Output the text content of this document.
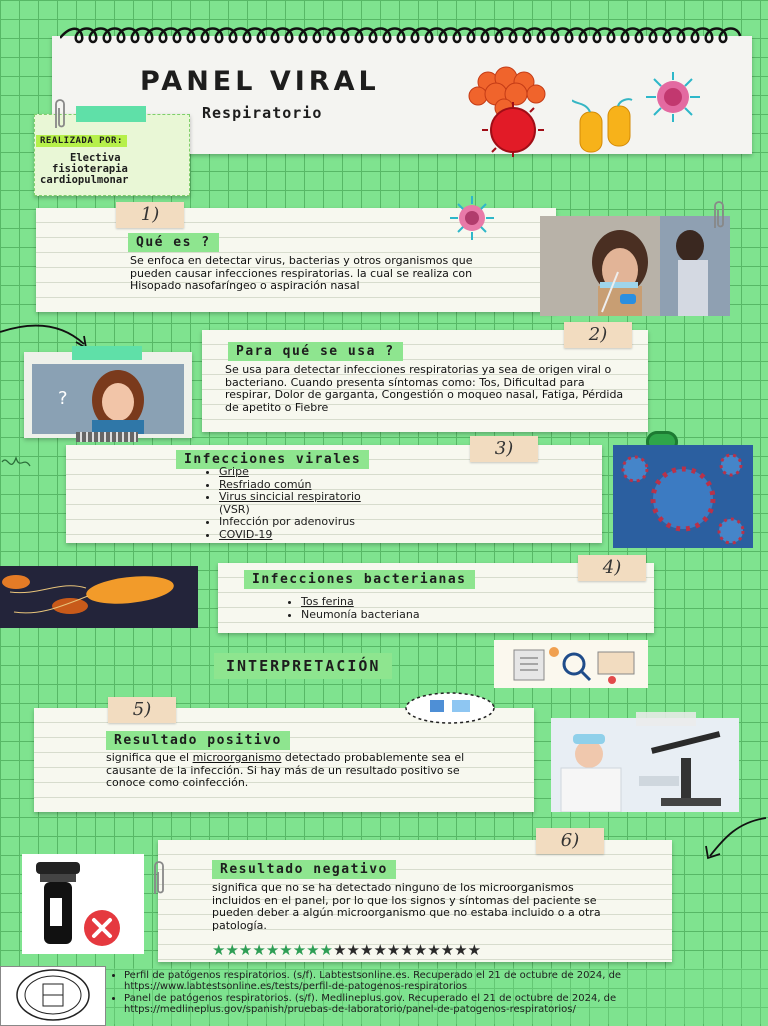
PANEL VIRAL
Respiratorio
REALIZADA POR:
Electiva
fisioterapia
cardiopulmonar
1)
Qué es ?
Se enfoca en detectar virus, bacterias y otros organismos que pueden causar infecciones respiratorias. la cual se realiza con Hisopado nasofaríngeo o aspiración nasal
2)
Para qué se usa ?
Se usa para detectar infecciones respiratorias ya sea de origen viral o bacteriano. Cuando presenta síntomas como: Tos, Dificultad para respirar, Dolor de garganta, Congestión o moqueo nasal, Fatiga, Pérdida de apetito o Fiebre
?
3)
Infecciones virales
• Gripe
• Resfriado común
• Virus sincicial respiratorio
(VSR)
• Infección por adenovirus
• COVID-19
4)
Infecciones bacterianas
• Tos ferina
• Neumonía bacteriana
INTERPRETACIÓN
5)
Resultado positivo
significa que el microorganismo detectado probablemente sea el causante de la infección. Si hay más de un resultado positivo se conoce como coinfección.
6)
Resultado negativo
significa que no se ha detectado ninguno de los microorganismos incluidos en el panel, por lo que los signos y síntomas del paciente se pueden deber a algún microorganismo que no estaba incluido o a otra patología.
★★★★★★★★★★★★★★★★★★★★
• Perfil de patógenos respiratorios. (s/f). Labtestsonline.es. Recuperado el 21 de octubre de 2024, de https://www.labtestsonline.es/tests/perfil-de-patogenos-respiratorios
• Panel de patógenos respiratorios. (s/f). Medlineplus.gov. Recuperado el 21 de octubre de 2024, de https://medlineplus.gov/spanish/pruebas-de-laboratorio/panel-de-patogenos-respiratorios/
